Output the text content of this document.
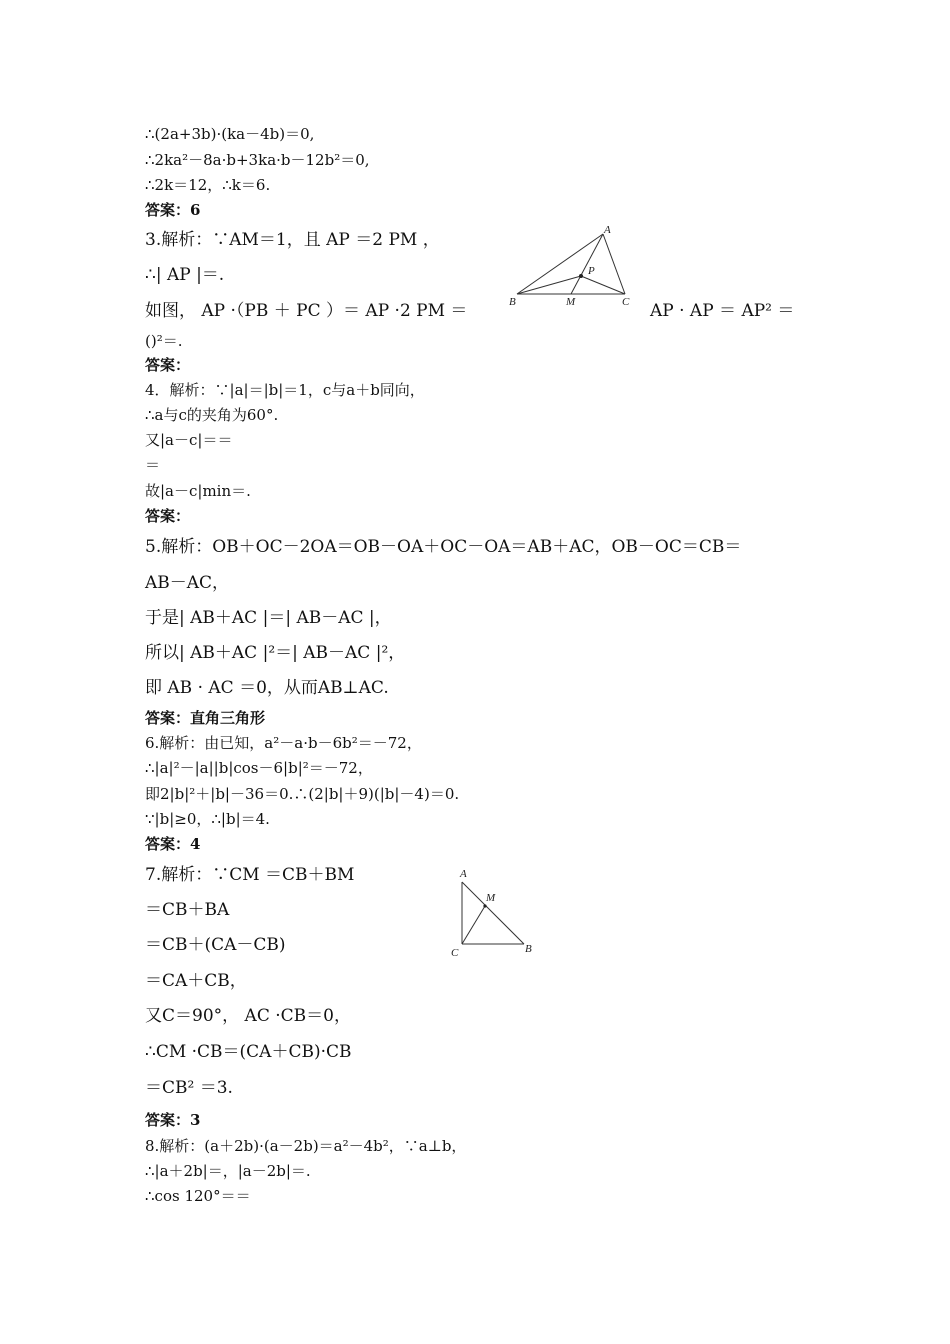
∴(2a+3b)·(ka－4b)＝0,
∴2ka²－8a·b+3ka·b－12b²＝0,
∴2k＝12，∴k＝6.
答案：6
3.解析：∵AM＝1，且 AP ＝2 PM ，
∴| AP |＝.
如图， AP ·（PB ＋ PC ）＝ AP ·2 PM ＝	AP · AP ＝ AP² ＝
()²＝.
答案：
4．解析：∵|a|＝|b|＝1，c与a＋b同向，
∴a与c的夹角为60°.
又|a－c|＝＝
＝
故|a－c|min＝.
答案：
5.解析：OB＋OC－2OA＝OB－OA＋OC－OA＝AB＋AC，OB－OC＝CB＝
AB－AC，
于是| AB＋AC |＝| AB－AC |，
所以| AB＋AC |²＝| AB－AC |²，
即 AB · AC ＝0，从而AB⊥AC.
答案：直角三角形
6.解析：由已知，a²－a·b－6b²＝－72，
∴|a|²－|a||b|cos－6|b|²＝－72，
即2|b|²＋|b|－36＝0.∴(2|b|＋9)(|b|－4)＝0.
∵|b|≥0，∴|b|＝4.
答案：4
7.解析：∵CM ＝CB＋BM
＝CB＋BA
＝CB＋(CA－CB)
＝CA＋CB，
又C＝90°， AC ·CB＝0，
∴CM ·CB＝(CA＋CB)·CB
＝CB² ＝3.
答案：3
8.解析：(a＋2b)·(a－2b)＝a²－4b²，∵a⊥b，
∴|a＋2b|＝，|a－2b|＝.
∴cos 120°＝＝
A
P
B	M	C
A
M
C	B
